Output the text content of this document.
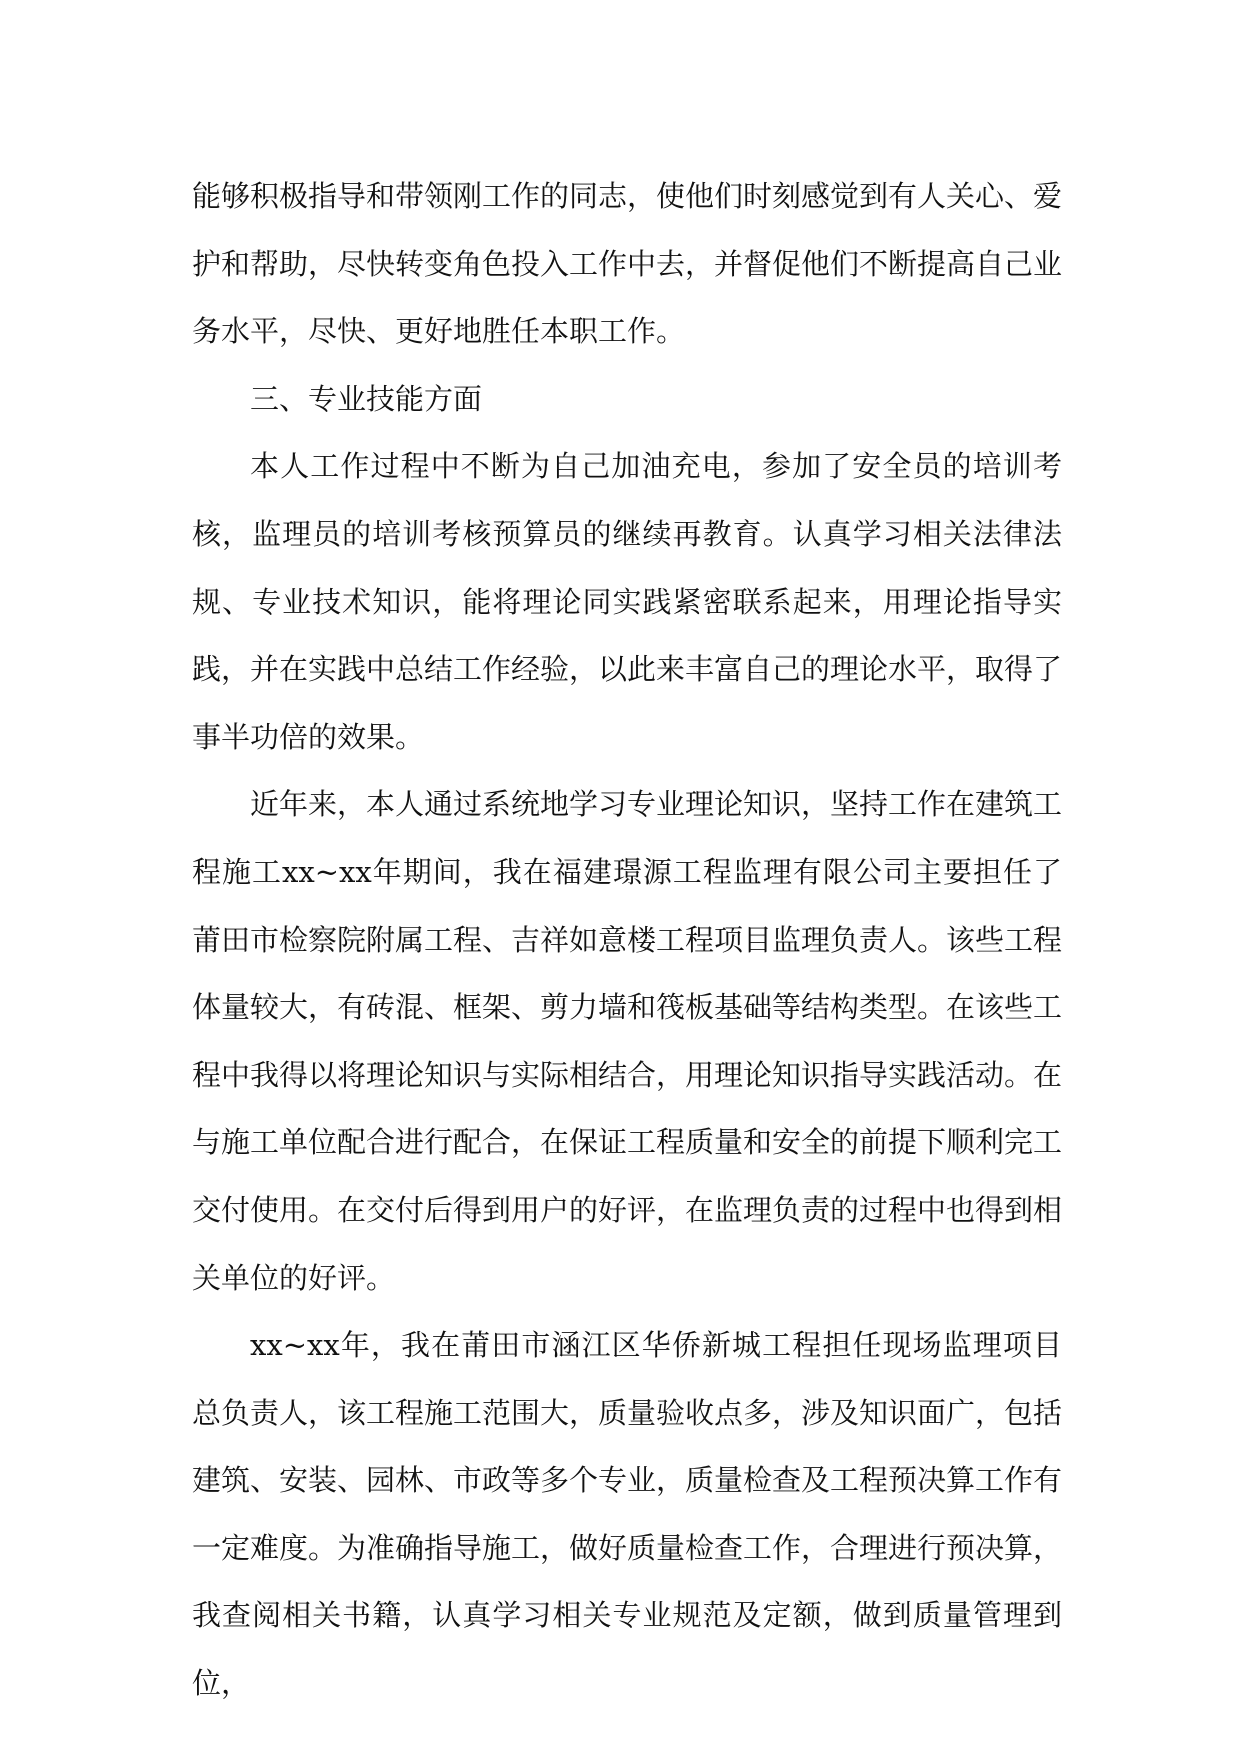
能够积极指导和带领刚工作的同志，使他们时刻感觉到有人关心、爱护和帮助，尽快转变角色投入工作中去，并督促他们不断提高自己业务水平，尽快、更好地胜任本职工作。

三、专业技能方面

本人工作过程中不断为自己加油充电，参加了安全员的培训考核，监理员的培训考核预算员的继续再教育。认真学习相关法律法规、专业技术知识，能将理论同实践紧密联系起来，用理论指导实践，并在实践中总结工作经验，以此来丰富自己的理论水平，取得了事半功倍的效果。

近年来，本人通过系统地学习专业理论知识，坚持工作在建筑工程施工xx~xx年期间，我在福建璟源工程监理有限公司主要担任了莆田市检察院附属工程、吉祥如意楼工程项目监理负责人。该些工程体量较大，有砖混、框架、剪力墙和筏板基础等结构类型。在该些工程中我得以将理论知识与实际相结合，用理论知识指导实践活动。在与施工单位配合进行配合，在保证工程质量和安全的前提下顺利完工交付使用。在交付后得到用户的好评，在监理负责的过程中也得到相关单位的好评。

xx~xx年，我在莆田市涵江区华侨新城工程担任现场监理项目总负责人，该工程施工范围大，质量验收点多，涉及知识面广，包括建筑、安装、园林、市政等多个专业，质量检查及工程预决算工作有一定难度。为准确指导施工，做好质量检查工作，合理进行预决算，我查阅相关书籍，认真学习相关专业规范及定额，做到质量管理到位，
